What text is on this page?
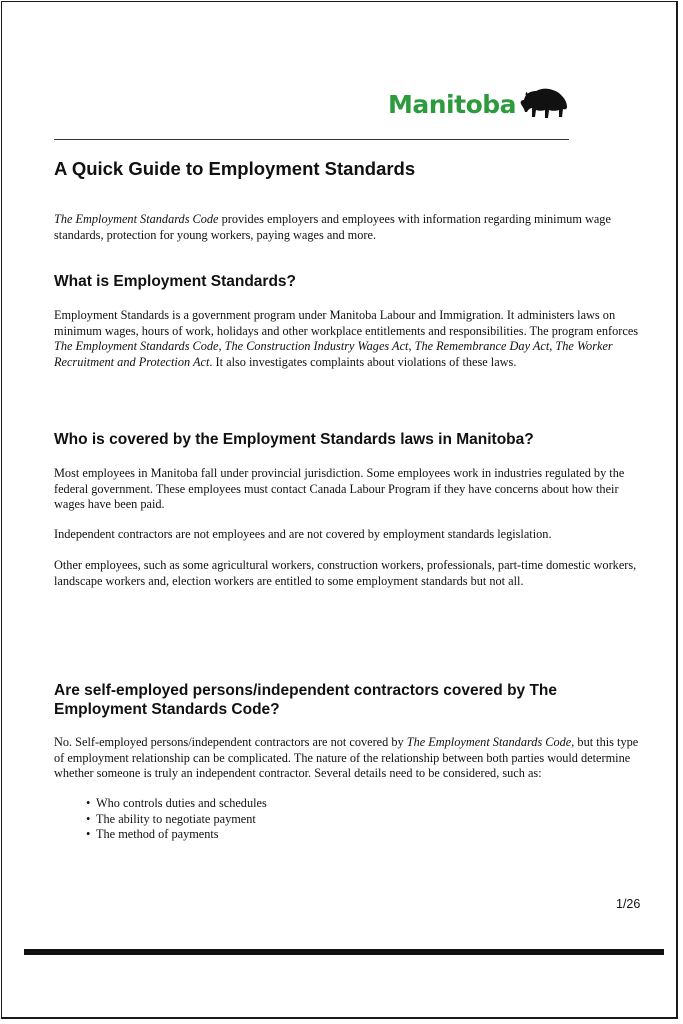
Manitoba
A Quick Guide to Employment Standards

The Employment Standards Code provides employers and employees with information regarding minimum wage standards, protection for young workers, paying wages and more.

What is Employment Standards?

Employment Standards is a government program under Manitoba Labour and Immigration. It administers laws on minimum wages, hours of work, holidays and other workplace entitlements and responsibilities. The program enforces The Employment Standards Code, The Construction Industry Wages Act, The Remembrance Day Act, The Worker Recruitment and Protection Act. It also investigates complaints about violations of these laws.

Who is covered by the Employment Standards laws in Manitoba?

Most employees in Manitoba fall under provincial jurisdiction. Some employees work in industries regulated by the federal government. These employees must contact Canada Labour Program if they have concerns about how their wages have been paid.

Independent contractors are not employees and are not covered by employment standards legislation.

Other employees, such as some agricultural workers, construction workers, professionals, part-time domestic workers, landscape workers and, election workers are entitled to some employment standards but not all.

Are self-employed persons/independent contractors covered by The Employment Standards Code?

No. Self-employed persons/independent contractors are not covered by The Employment Standards Code, but this type of employment relationship can be complicated. The nature of the relationship between both parties would determine whether someone is truly an independent contractor. Several details need to be considered, such as:

• Who controls duties and schedules
• The ability to negotiate payment
• The method of payments
1/26
